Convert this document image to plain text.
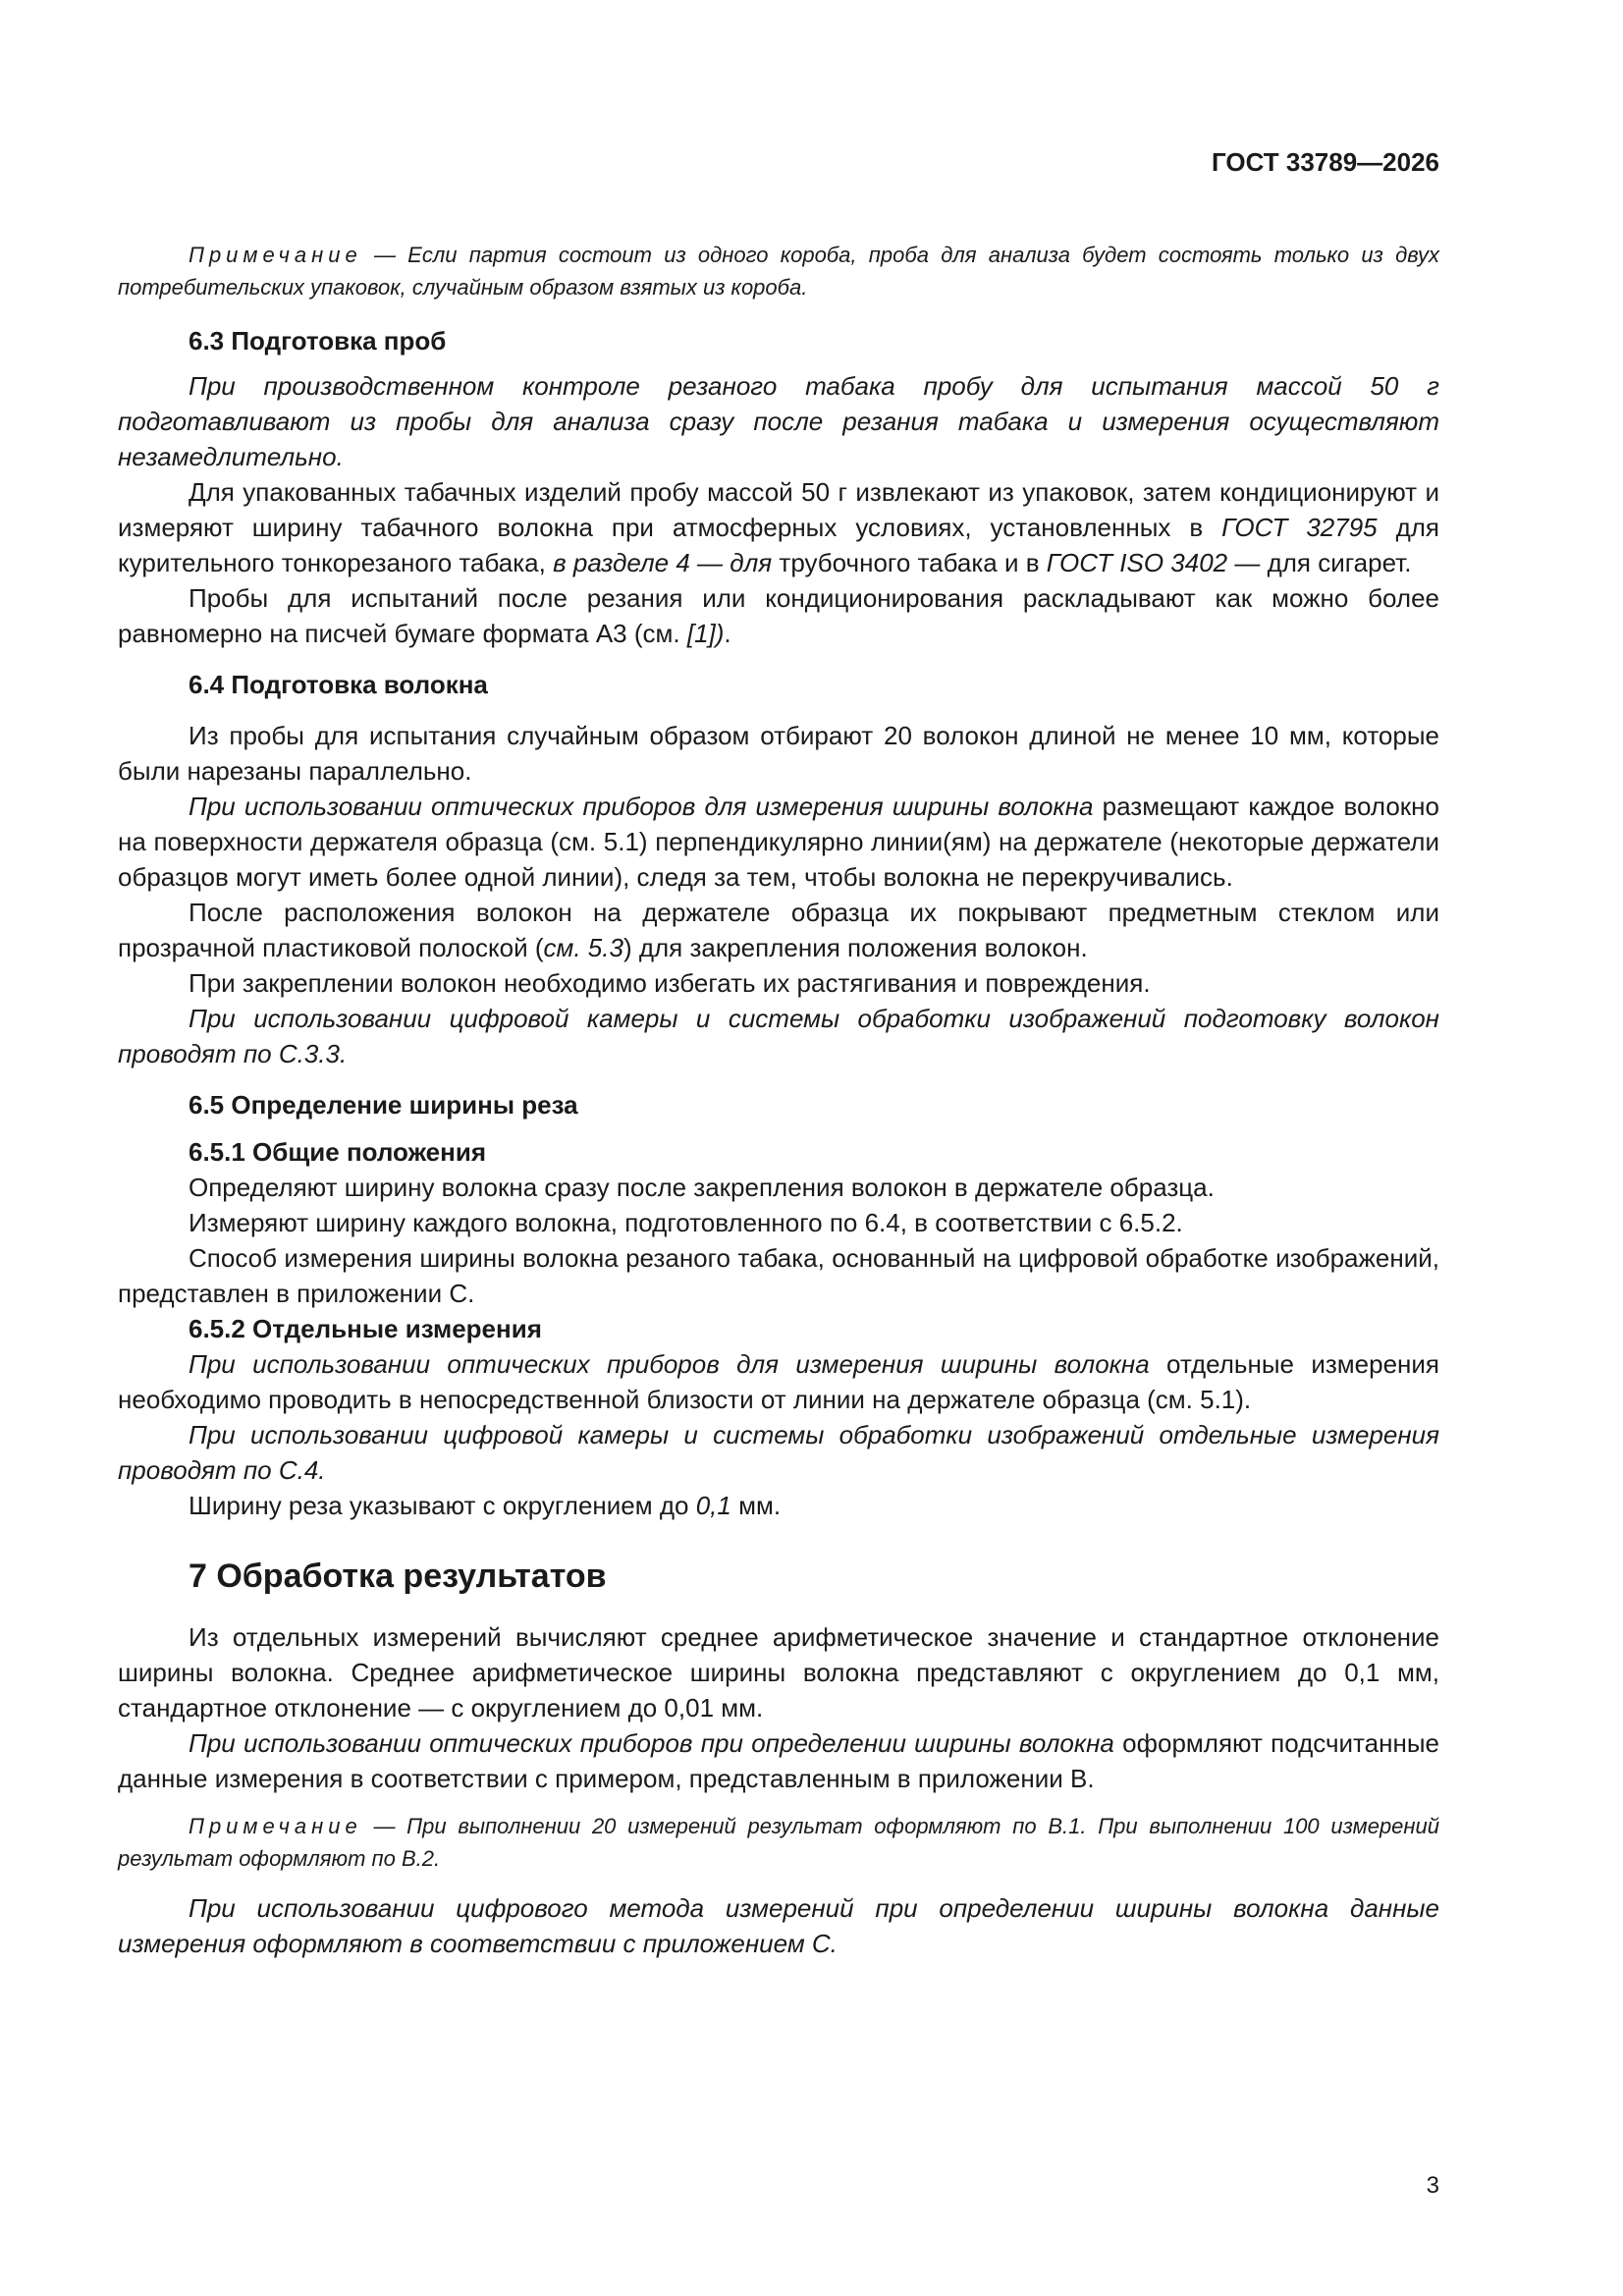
ГОСТ 33789—2026

Примечание — Если партия состоит из одного короба, проба для анализа будет состоять только из двух потребительских упаковок, случайным образом взятых из короба.

6.3 Подготовка проб

При производственном контроле резаного табака пробу для испытания массой 50 г подготавливают из пробы для анализа сразу после резания табака и измерения осуществляют незамедлительно.

Для упакованных табачных изделий пробу массой 50 г извлекают из упаковок, затем кондиционируют и измеряют ширину табачного волокна при атмосферных условиях, установленных в ГОСТ 32795 для курительного тонкорезаного табака, в разделе 4 — для трубочного табака и в ГОСТ ISO 3402 — для сигарет.

Пробы для испытаний после резания или кондиционирования раскладывают как можно более равномерно на писчей бумаге формата А3 (см. [1]).

6.4 Подготовка волокна

Из пробы для испытания случайным образом отбирают 20 волокон длиной не менее 10 мм, которые были нарезаны параллельно.

При использовании оптических приборов для измерения ширины волокна размещают каждое волокно на поверхности держателя образца (см. 5.1) перпендикулярно линии(ям) на держателе (некоторые держатели образцов могут иметь более одной линии), следя за тем, чтобы волокна не перекручивались.

После расположения волокон на держателе образца их покрывают предметным стеклом или прозрачной пластиковой полоской (см. 5.3) для закрепления положения волокон.

При закреплении волокон необходимо избегать их растягивания и повреждения.

При использовании цифровой камеры и системы обработки изображений подготовку волокон проводят по С.3.3.

6.5 Определение ширины реза
6.5.1 Общие положения

Определяют ширину волокна сразу после закрепления волокон в держателе образца.

Измеряют ширину каждого волокна, подготовленного по 6.4, в соответствии с 6.5.2.

Способ измерения ширины волокна резаного табака, основанный на цифровой обработке изображений, представлен в приложении С.

6.5.2 Отдельные измерения

При использовании оптических приборов для измерения ширины волокна отдельные измерения необходимо проводить в непосредственной близости от линии на держателе образца (см. 5.1).

При использовании цифровой камеры и системы обработки изображений отдельные измерения проводят по С.4.

Ширину реза указывают с округлением до 0,1 мм.

7 Обработка результатов

Из отдельных измерений вычисляют среднее арифметическое значение и стандартное отклонение ширины волокна. Среднее арифметическое ширины волокна представляют с округлением до 0,1 мм, стандартное отклонение — с округлением до 0,01 мм.

При использовании оптических приборов при определении ширины волокна оформляют подсчитанные данные измерения в соответствии с примером, представленным в приложении В.

Примечание — При выполнении 20 измерений результат оформляют по В.1. При выполнении 100 измерений результат оформляют по В.2.

При использовании цифрового метода измерений при определении ширины волокна данные измерения оформляют в соответствии с приложением С.

3
